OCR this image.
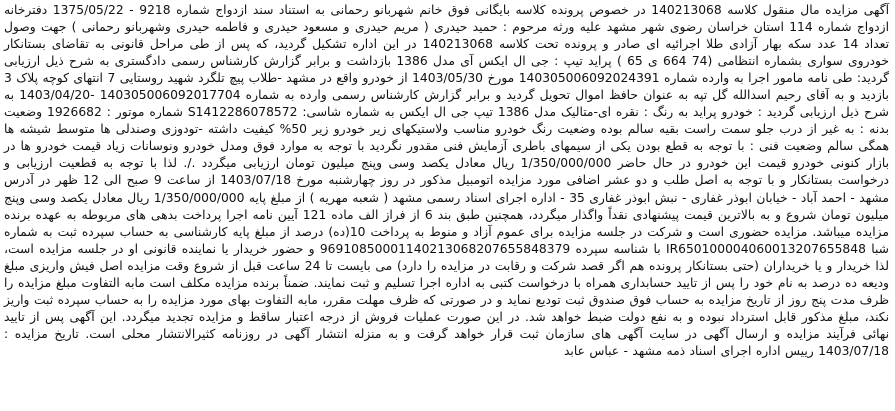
آگهی مزایده مال منقول کلاسه 140213068 در خصوص پرونده کلاسه بایگانی فوق خانم شهربانو رحمانی به استناد سند ازدواج شماره 9218 - 1375/05/22 دفترخانه ازدواج شماره 114 استان خراسان رضوی شهر مشهد علیه ورثه مرحوم : حمید حیدری ( مریم حیدری و مسعود حیدری و فاطمه حیدری وشهربانو رحمانی ) جهت وصول تعداد 14 عدد سکه بهار آزادی طلا اجرائیه ای صادر و پرونده تحت کلاسه 140213068 در این اداره تشکیل گردید، که پس از طی مراحل قانونی به تقاضای بستانکار خودروی سواری بشماره انتظامی (74 664 ی 65 ) پراید تیپ : جی ال ایکس آی مدل 1386 بازداشت و برابر گزارش کارشناس رسمی دادگستری به شرح ذیل ارزیابی گردید: طی نامه مامور اجرا به وارده شماره 140305006092024391 مورخ 1403/05/30 از خودرو واقع در مشهد -طلاب پیچ تلگرد شهید روستایی 7 انتهای کوچه پلاک 3 بازدید و به آقای رحیم اسدالله گل تپه به عنوان حافظ اموال تحویل گردید و برابر گزارش کارشناس رسمی وارده به شماره 140305006092017704 -1403/04/20 به شرح ذیل ارزیابی گردید : خودرو پراید به رنگ : نقره ای-متالیک مدل 1386 تیپ جی ال ایکس به شماره شاسی: S1412286078572 شماره موتور : 1926682 وضعیت بدنه : به غیر از درب جلو سمت راست بقیه سالم بوده وضعیت رنگ خودرو مناسب ولاستیکهای زیر خودرو زیر 50% کیفیت داشته -تودوزی وصندلی ها متوسط شیشه ها همگی سالم وضعیت فنی : با توجه به قطع بودن یکی از سیمهای باطری آزمایش فنی مقدور نگردید با توجه به موارد فوق ومدل خودرو ونوسانات زیاد قیمت خودرو ها در بازار کنونی خودرو قیمت این خودرو در حال حاضر 1/350/000/000 ریال معادل یکصد وسی وپنج میلیون تومان ارزیابی میگردد ./. لذا با توجه به قطعیت ارزیابی و درخواست بستانکار و با توجه به اصل طلب و دو عشر اضافی مورد مزایده اتومبیل مذکور در روز چهارشنبه مورخ 1403/07/18 از ساعت 9 صبح الی 12 ظهر در آدرس مشهد - احمد آباد - خیابان ابوذر غفاری - نبش ابوذر غفاری 35 - اداره اجرای اسناد رسمی مشهد ( شعبه مهریه ) از مبلغ پایه 1/350/000/000 ریال معادل یکصد وسی وپنج میلیون تومان شروع و به بالاترین قیمت پیشنهادی نقداً واگذار میگردد، همچنین طبق بند 6 از فراز الف ماده 121 آیین نامه اجرا پرداخت بدهی های مربوطه به عهده برنده مزایده میباشد. مزایده حضوری است و شرکت در جلسه مزایده برای عموم آزاد و منوط به پرداخت 10(ده) درصد از مبلغ پایه کارشناسی به حساب سپرده ثبت به شماره شبا IR650100004060013207655848 با شناسه سپرده 96910850001140213068207655848379 و حضور خریدار یا نماینده قانونی او در جلسه مزایده است، لذا خریدار و یا خریداران (حتی بستانکار پرونده هم اگر قصد شرکت و رقابت در مزایده را دارد) می بایست تا 24 ساعت قبل از شروع وقت مزایده اصل فیش واریزی مبلغ ودیعه ده درصد به نام خود را پس از تایید حسابداری همراه با درخواست کتبی به اداره اجرا تسلیم و ثبت نمایند. ضمناً برنده مزایده مکلف است مابه التفاوت مبلغ مزایده را ظرف مدت پنج روز از تاریخ مزایده به حساب فوق صندوق ثبت تودیع نماید و در صورتی که ظرف مهلت مقرر، مابه التفاوت بهای مورد مزایده را به حساب سپرده ثبت واریز نکند، مبلغ مذکور قابل استرداد نبوده و به نفع دولت ضبط خواهد شد. در این صورت عملیات فروش از درجه اعتبار ساقط و مزایده تجدید میگردد. این آگهی پس از تایید نهائی فرآیند مزایده و ارسال آگهی در سایت آگهی های سازمان ثبت قرار خواهد گرفت و به منزله انتشار آگهی در روزنامه کثیرالانتشار محلی است. تاریخ مزایده : 1403/07/18 رییس اداره اجرای اسناد ذمه مشهد - عباس عابد
